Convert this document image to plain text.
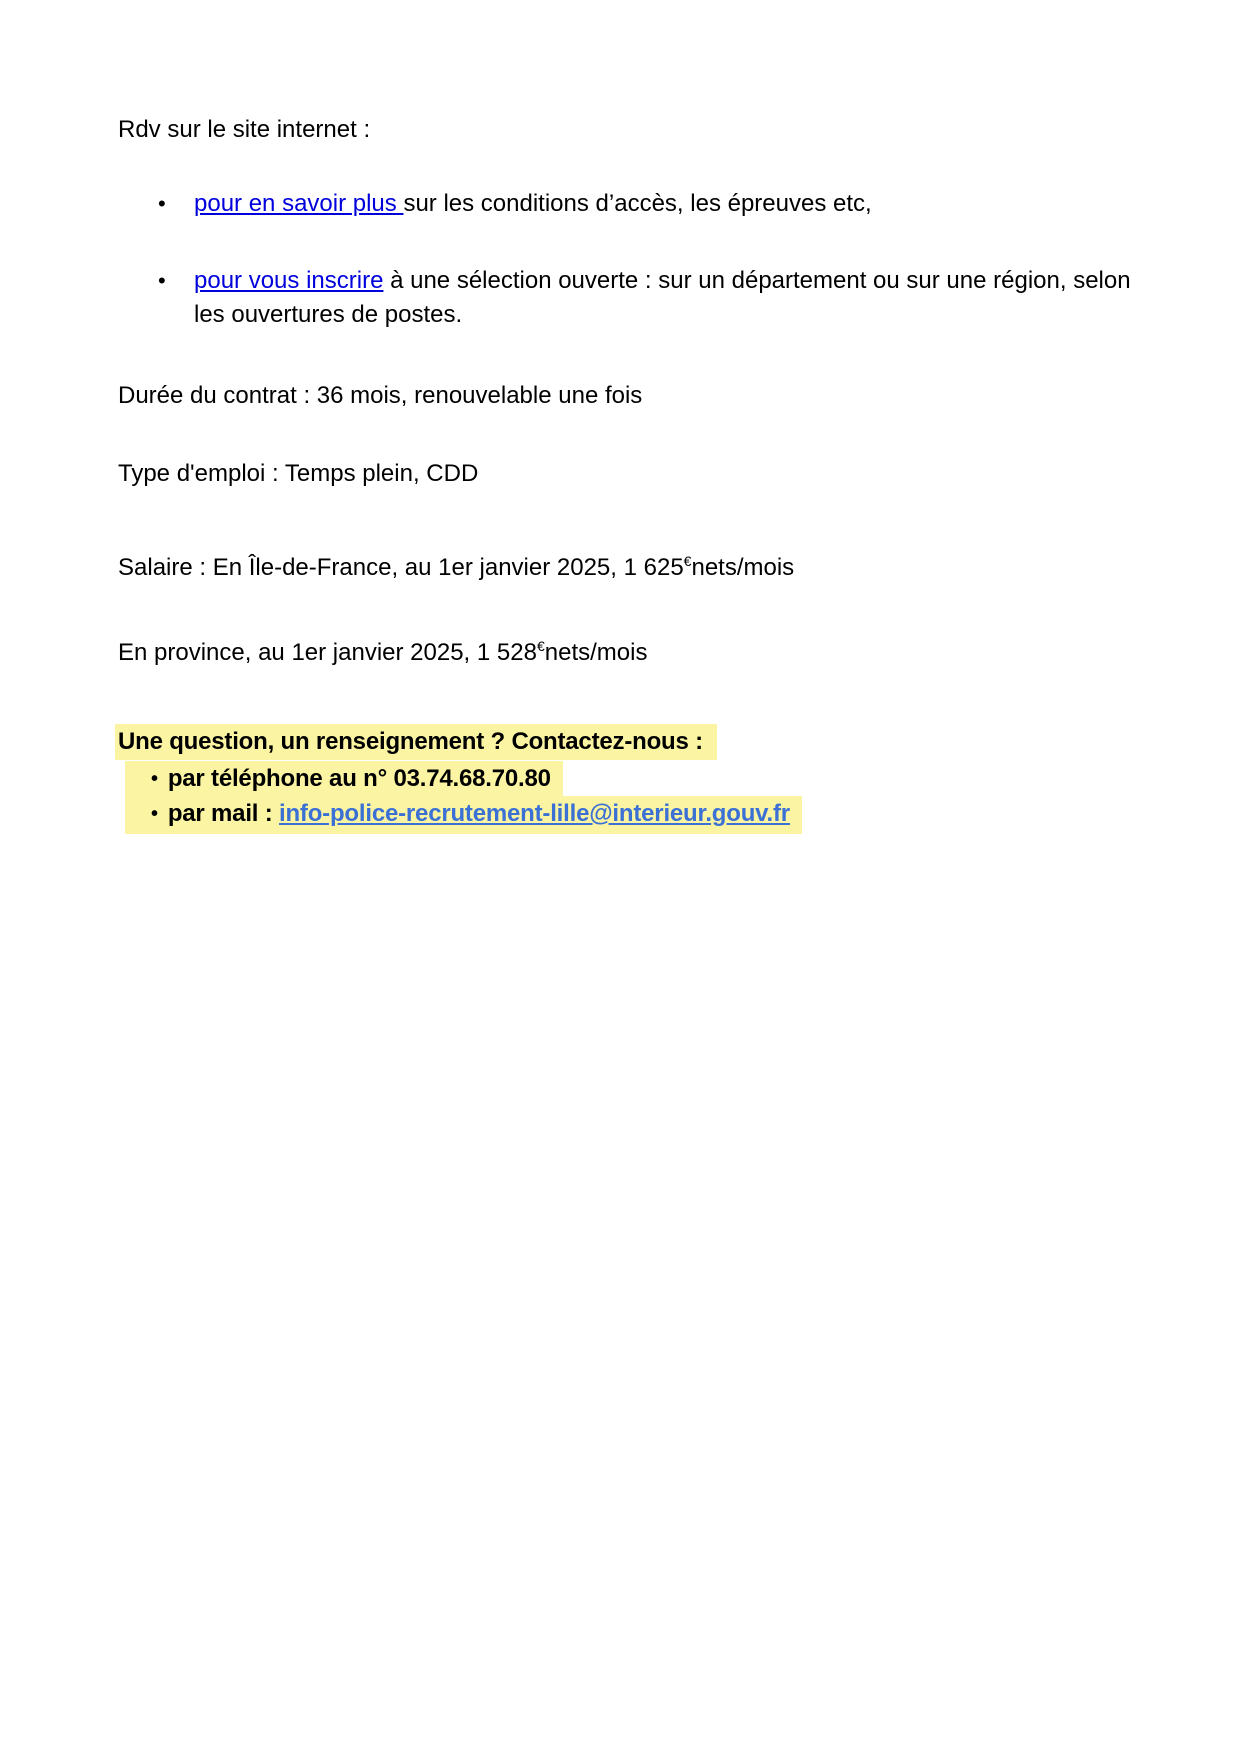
Rdv sur le site internet :
• pour en savoir plus sur les conditions d’accès, les épreuves etc,
• pour vous inscrire à une sélection ouverte : sur un département ou sur une région, selon les ouvertures de postes.
Durée du contrat : 36 mois, renouvelable une fois
Type d'emploi : Temps plein, CDD
Salaire : En Île-de-France, au 1er janvier 2025, 1 625€nets/mois
En province, au 1er janvier 2025, 1 528€nets/mois
Une question, un renseignement ? Contactez-nous :
• par téléphone au n° 03.74.68.70.80
• par mail : info-police-recrutement-lille@interieur.gouv.fr
